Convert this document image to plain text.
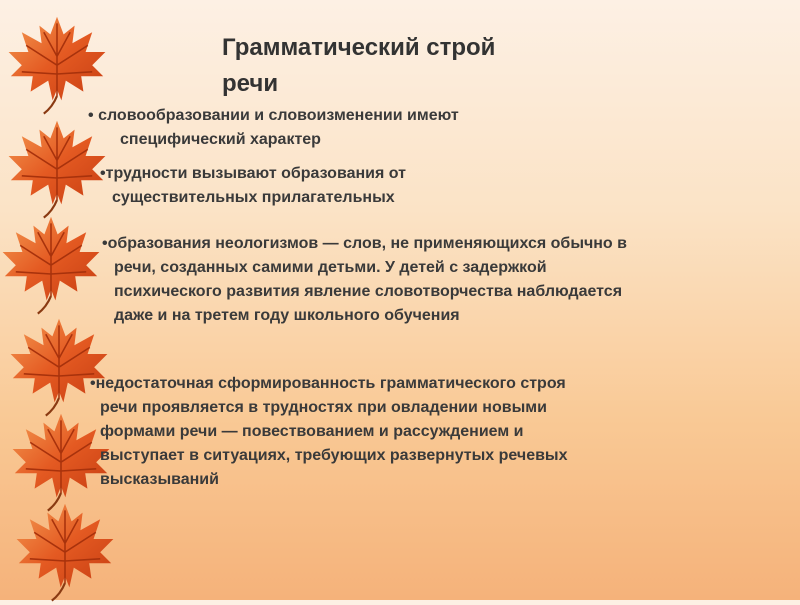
Грамматический строй
речи
• словообразовании и словоизменении имеют
специфический характер
•трудности вызывают образования от
существительных прилагательных
•образования неологизмов — слов, не применяющихся обычно в
речи, созданных самими детьми. У детей с задержкой
психического развития явление словотворчества наблюдается
даже и на третем году школьного обучения
•недостаточная сформированность грамматического строя
речи проявляется в трудностях при овладении новыми
формами речи — повествованием и рассуждением и
выступает в ситуациях, требующих развернутых речевых
высказываний
